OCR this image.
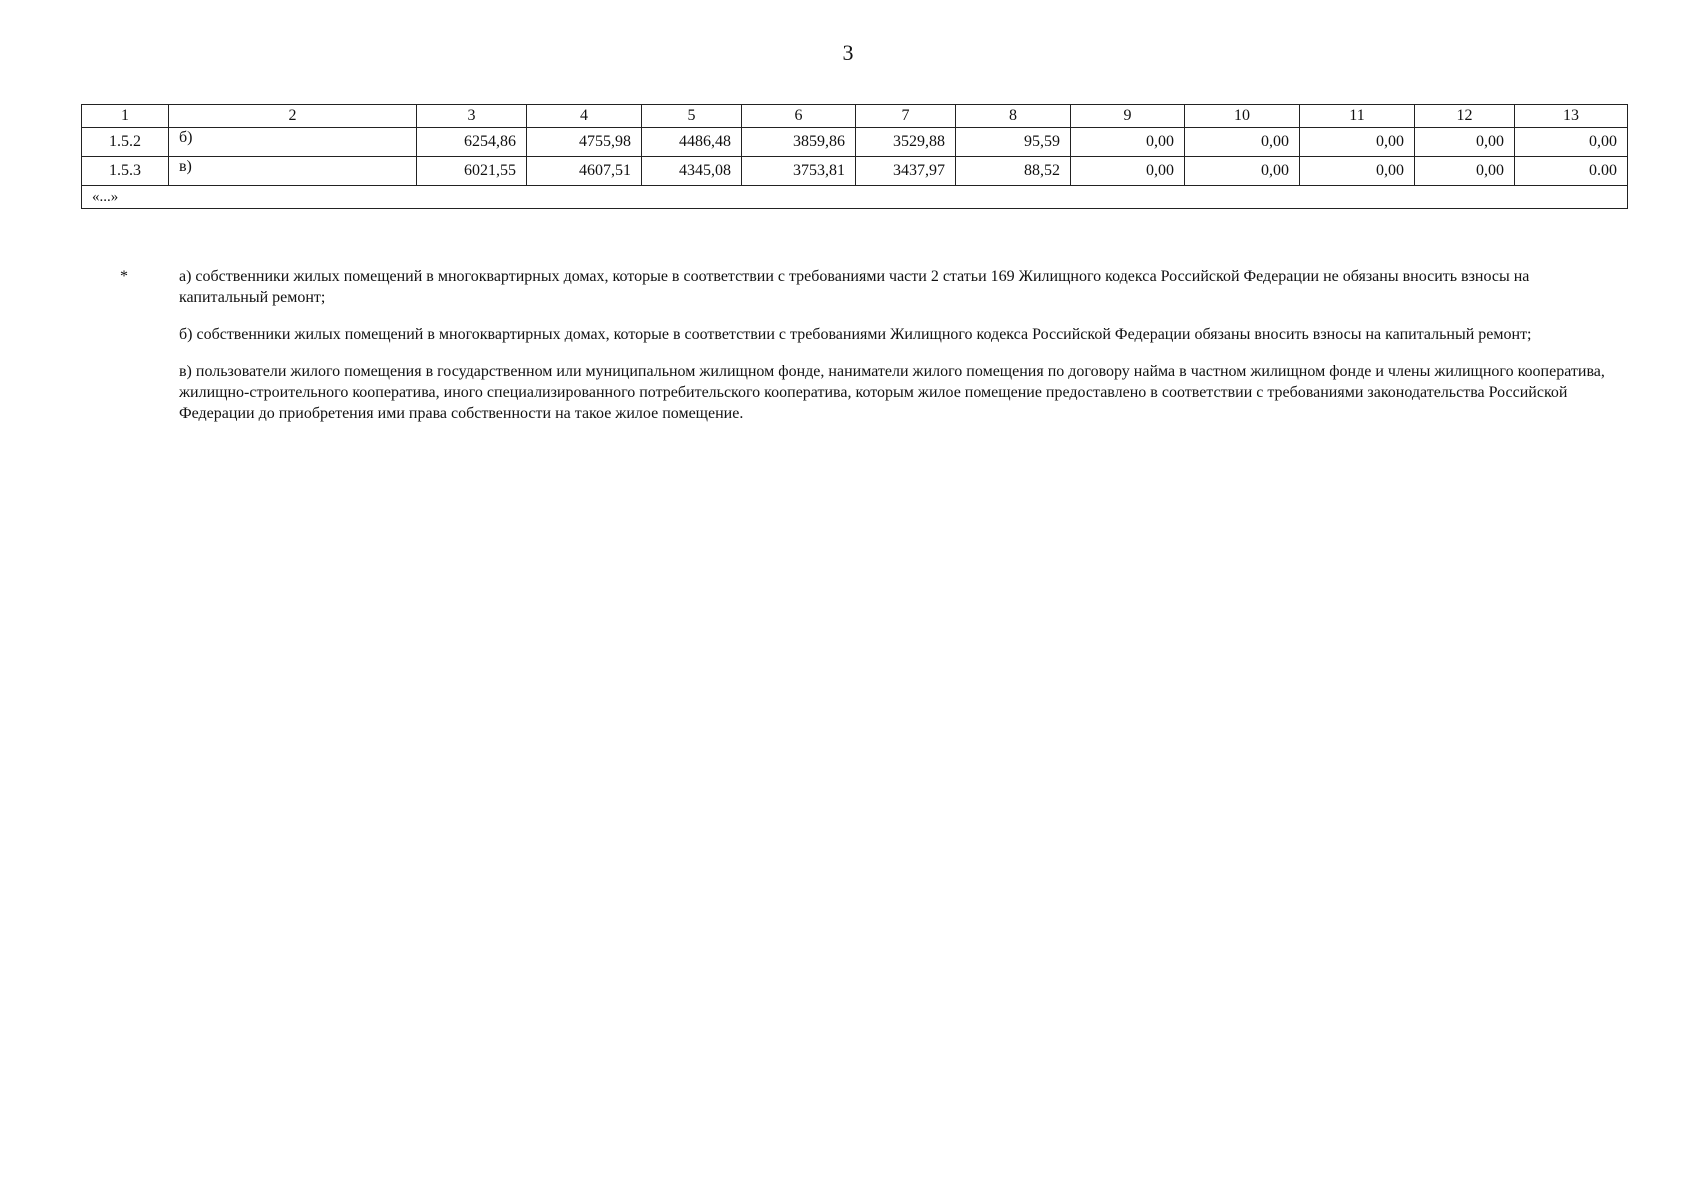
3
1	2	3	4	5	6	7	8	9	10	11	12	13
1.5.2	б)	6254,86	4755,98	4486,48	3859,86	3529,88	95,59	0,00	0,00	0,00	0,00	0,00
1.5.3	в)	6021,55	4607,51	4345,08	3753,81	3437,97	88,52	0,00	0,00	0,00	0,00	0.00
«...»												
*	а) собственники жилых помещений в многоквартирных домах, которые в соответствии с требованиями части 2 статьи 169 Жилищного кодекса Российской Федерации не обязаны вносить взносы на капитальный ремонт;

б) собственники жилых помещений в многоквартирных домах, которые в соответствии с требованиями Жилищного кодекса Российской Федерации обязаны вносить взносы на капитальный ремонт;

в) пользователи жилого помещения в государственном или муниципальном жилищном фонде, наниматели жилого помещения по договору найма в частном жилищном фонде и члены жилищного кооператива, жилищно-строительного кооператива, иного специализированного потребительского кооператива, которым жилое помещение предоставлено в соответствии с требованиями законодательства Российской Федерации до приобретения ими права собственности на такое жилое помещение.
